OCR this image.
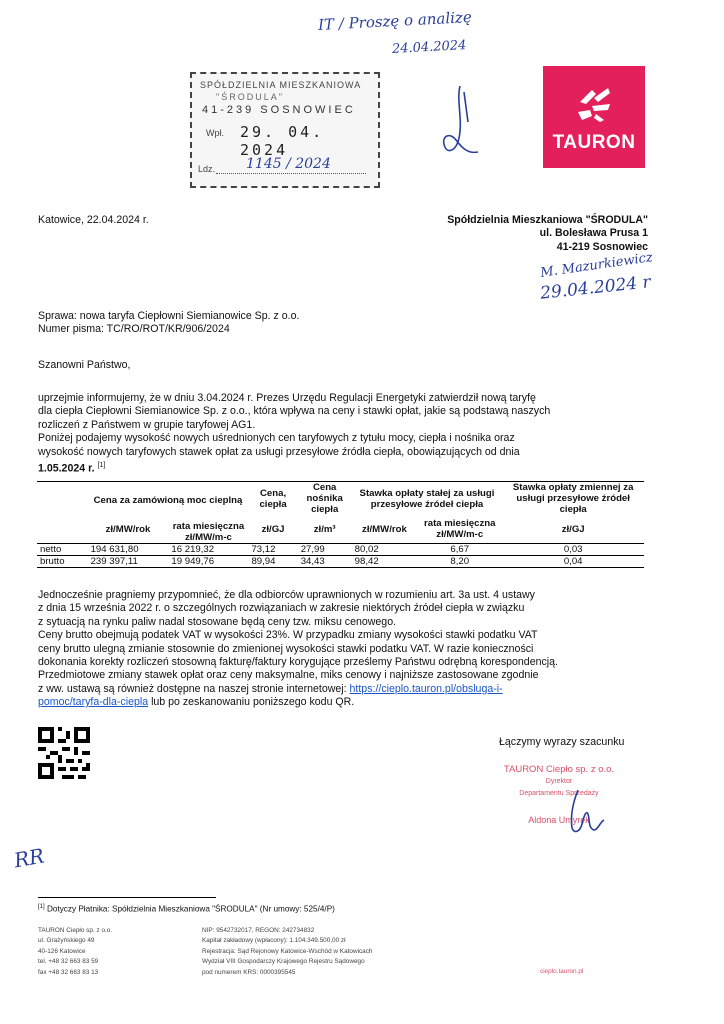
IT / Proszę o analizę
24.04.2024
SPÓŁDZIELNIA MIESZKANIOWA
"ŚRODULA"
41-239 SOSNOWIEC
Wpł. 29. 04. 2024
Ldz. 1145 / 2024
TAURON
Katowice, 22.04.2024 r.	Spółdzielnia Mieszkaniowa "ŚRODULA"
ul. Bolesława Prusa 1
41-219 Sosnowiec
M. Mazurkiewicz
29.04.2024 r
Sprawa: nowa taryfa Ciepłowni Siemianowice Sp. z o.o.
Numer pisma: TC/RO/ROT/KR/906/2024
Szanowni Państwo,
uprzejmie informujemy, że w dniu 3.04.2024 r. Prezes Urzędu Regulacji Energetyki zatwierdził nową taryfę
dla ciepła Ciepłowni Siemianowice Sp. z o.o., która wpływa na ceny i stawki opłat, jakie są podstawą naszych
rozliczeń z Państwem w grupie taryfowej AG1.
Poniżej podajemy wysokość nowych uśrednionych cen taryfowych z tytułu mocy, ciepła i nośnika oraz
wysokość nowych taryfowych stawek opłat za usługi przesyłowe źródła ciepła, obowiązujących od dnia
1.05.2024 r. [1]
	Cena za zamówioną moc cieplną		Cena, ciepła	Cena nośnika ciepła	Stawka opłaty stałej za usługi przesyłowe źródeł ciepła		Stawka opłaty zmiennej za usługi przesyłowe źródeł ciepła
	zł/MW/rok	rata miesięczna zł/MW/m-c	zł/GJ	zł/m³	zł/MW/rok	rata miesięczna zł/MW/m-c	zł/GJ
netto	194 631,80	16 219,32	73,12	27,99	80,02	6,67	0,03
brutto	239 397,11	19 949,76	89,94	34,43	98,42	8,20	0,04
Jednocześnie pragniemy przypomnieć, że dla odbiorców uprawnionych w rozumieniu art. 3a ust. 4 ustawy
z dnia 15 września 2022 r. o szczególnych rozwiązaniach w zakresie niektórych źródeł ciepła w związku
z sytuacją na rynku paliw nadal stosowane będą ceny tzw. miksu cenowego.
Ceny brutto obejmują podatek VAT w wysokości 23%. W przypadku zmiany wysokości stawki podatku VAT
ceny brutto ulegną zmianie stosownie do zmienionej wysokości stawki podatku VAT. W razie konieczności
dokonania korekty rozliczeń stosowną fakturę/faktury korygujące prześlemy Państwu odrębną korespondencją.
Przedmiotowe zmiany stawek opłat oraz ceny maksymalne, miks cenowy i najniższe zastosowane zgodnie
z ww. ustawą są również dostępne na naszej stronie internetowej: https://cieplo.tauron.pl/obsluga-i-
pomoc/taryfa-dla-ciepla lub po zeskanowaniu poniższego kodu QR.
Łączymy wyrazy szacunku
TAURON Ciepło sp. z o.o.
Dyrektor
Departamentu Sprzedaży
Aldona Umyrek
RR
[1] Dotyczy Płatnika: Spółdzielnia Mieszkaniowa "ŚRODULA" (Nr umowy: 525/4/P)
TAURON Ciepło sp. z o.o.
ul. Grażyńskiego 49
40-126 Katowice
tel. +48 32 663 83 59
fax +48 32 663 83 13
NIP: 9542732017, REGON: 242734832
Kapitał zakładowy (wpłacony): 1.104.349.500,00 zł
Rejestracja: Sąd Rejonowy Katowice-Wschód w Katowicach
Wydział VIII Gospodarczy Krajowego Rejestru Sądowego
pod numerem KRS: 0000395545	cieplo.tauron.pl
